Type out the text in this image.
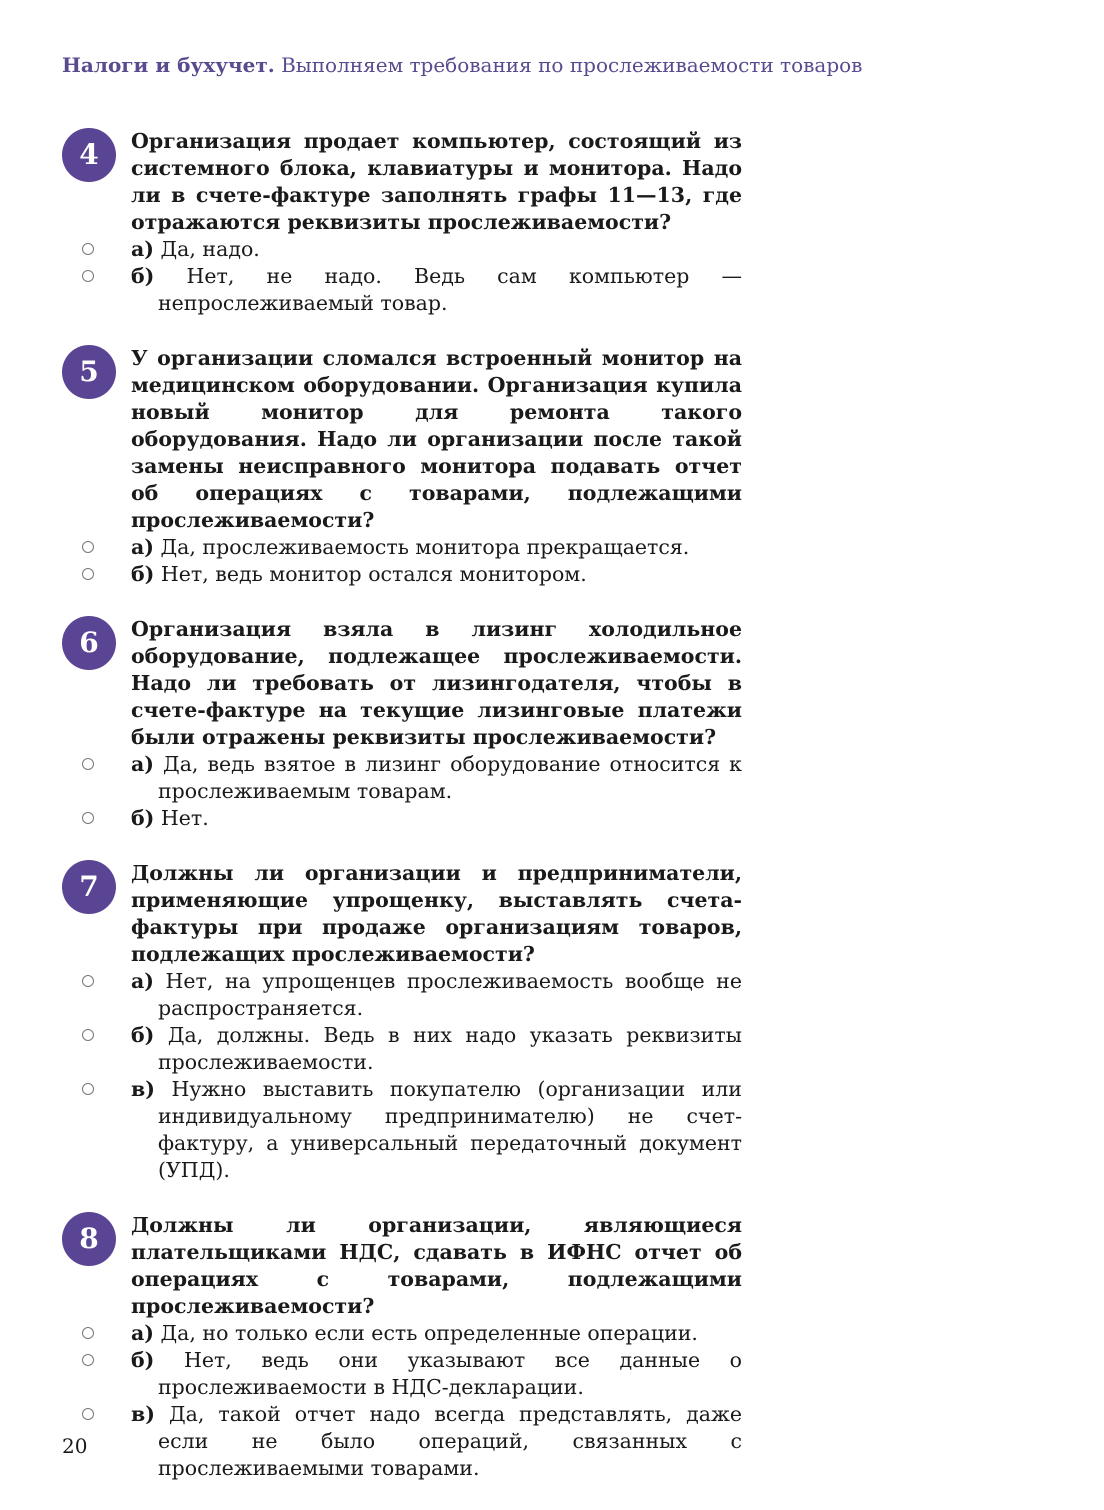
Налоги и бухучет. Выполняем требования по прослеживаемости товаров
4	Организация продает компьютер, состоящий из системного блока, клавиатуры и монитора. Надо ли в счете-фактуре заполнять графы 11—13, где отражаются реквизиты прослеживаемости?
а) Да, надо.
б) Нет, не надо. Ведь сам компьютер — непрослеживаемый товар.
5	У организации сломался встроенный монитор на медицинском оборудовании. Организация купила новый монитор для ремонта такого оборудования. Надо ли организации после такой замены неисправного монитора подавать отчет об операциях с товарами, подлежащими прослеживаемости?
а) Да, прослеживаемость монитора прекращается.
б) Нет, ведь монитор остался монитором.
6	Организация взяла в лизинг холодильное оборудование, подлежащее прослеживаемости. Надо ли требовать от лизингодателя, чтобы в счете-фактуре на текущие лизинговые платежи были отражены реквизиты прослеживаемости?
а) Да, ведь взятое в лизинг оборудование относится к прослеживаемым товарам.
б) Нет.
7	Должны ли организации и предприниматели, применяющие упрощенку, выставлять счета-фактуры при продаже организациям товаров, подлежащих прослеживаемости?
а) Нет, на упрощенцев прослеживаемость вообще не распространяется.
б) Да, должны. Ведь в них надо указать реквизиты прослеживаемости.
в) Нужно выставить покупателю (организации или индивидуальному предпринимателю) не счет-фактуру, а универсальный передаточный документ (УПД).
8	Должны ли организации, являющиеся плательщиками НДС, сдавать в ИФНС отчет об операциях с товарами, подлежащими прослеживаемости?
а) Да, но только если есть определенные операции.
б) Нет, ведь они указывают все данные о прослеживаемости в НДС-декларации.
в) Да, такой отчет надо всегда представлять, даже если не было операций, связанных с прослеживаемыми товарами.
20
